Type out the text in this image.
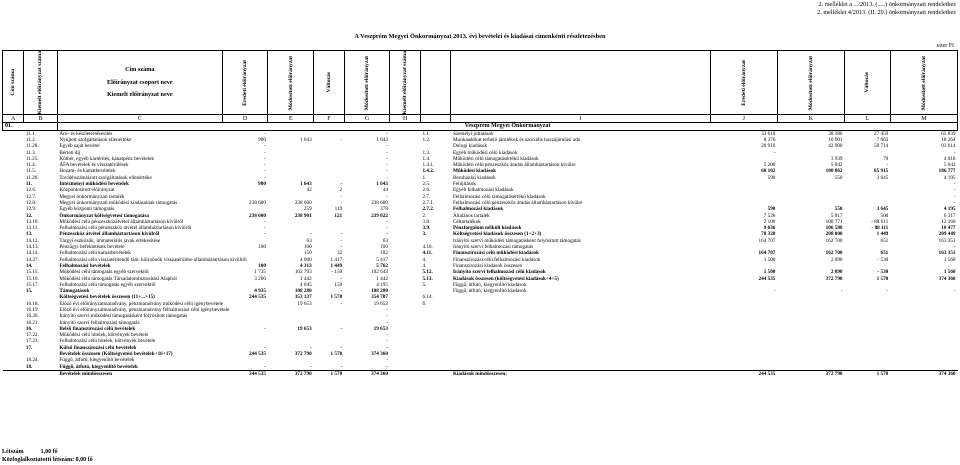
2. melléklet a .../2013. (.....) önkormányzati rendelethez
2. melléklet 4/2013. (II. 20.) önkormányzati rendelethez
A Veszprém Megyei Önkormányzat 2013. évi bevételei és kiadásai címenkénti részletezésben
ezer Ft
Cím száma	Kiemelt előirányzat száma	Cím száma
Előirányzat csoport neve
Kiemelt előirányzat neve	Eredeti előirányzat	Módosított előirányzat	Változás	Módosított előirányzat	Kiemelt előirányzat száma			Eredeti előirányzat	Módosított előirányzat	Változás	Módosított előirányzat

A	B	C	D	E	F	G	H		I	J	K	L	M
01.		Veszprém Megyei Önkormányzat											
	11.1.	Áru- és készletértékesítés	-			-		1.1.	Személyi juttatások	33 610	38 380	27 459	65 839
	11.2.	Nyújtott szolgáltatások ellenértéke	900	1 643	-	1 643		1.2.	Munkaadókat terhelő járulékok és szociális hozzájárulási adó	8 376	10 601	7 663	18 264
	11.28.	Egyéb saját bevétel	-			-			Dologi kiadások	20 916	42 900	50 714	93 614
	11.3.	Bérleti díj	-			-		1.3.	Egyéb működési célú kiadások	-			-
	11.25.	Kötbér, egyéb kártérítés, bánatpénz bevételek	-			-		1.4.	Működési célú támogatásértékű kiadások		3 939	79	4 018
	11.4.	ÁFA bevételek és visszatérülések	-			-		1.4.1.	Működési célú pénzeszköz átadás államháztartáson kívülre	5 200	5 042	-	5 042
	11.5.	Hozam- és kamatbevételek	-			-		1.4.2.	Működési kiadások	68 102	100 862	85 915	186 777
	11.26.	Továbbszámlázott szolgáltatások ellenértéke	-			-		1.	Beruházási kiadások	590	550	3 645	4 195
	11.	Intézményi működési bevételek	900	1 643	-	1 643		2.5.	Felújítások				-
	12.6.	Központosított előirányzat		42	2	44		2.6.	Egyéb felhalmozási kiadások				-
	12.7.	Megyei önkormányzati tartalék			-	-		2.7.	Felhalmozási célú támogatásértékű kiadások				-
	12.8.	Megyei önkormányzati működési kiadásainak támogatás	238 600	238 600	-	238 600		2.7.1.	Felhalmozási célú pénzeszköz átadás államháztartáson kívülre				-
	12.9.	Egyéb központi támogatás		259	119	378		2.7.2.	Felhalmozási kiadások	590	550	3 645	4 195
	12.	Önkormányzat költségvetési támogatása	238 600	238 901	121	239 022		2.	Általános tartalék	7 536	5 817	500	6 317
	13.10.	Működési célú pénzeszközátvétel államháztartáson kívülről	-			-		3.8.	Céltartalékok	2 100	100 771	- 88 611	12 160
	13.11.	Felhalmozási célú pénzeszköz átvétel államháztartáson kívülről	-			-		3.9.	Pénzforgalom nélküli kiadások	9 636	106 588	- 88 111	18 477
	13.	Pénzeszköz átvétel államháztartáson kívülről	-	-	-	-		3.	Költségvetési kiadások összesen (1+2+3)	78 328	208 000	1 449	209 449
	14.12.	Tárgyi eszközök, immateriális javak értékesítése		63	-	63			Irányító szervi működési támogatásként folyósított támogatás	164 707	162 700	651	163 351
	14.13.	Pénzügyi befektetések bevétele	100	100	-	100		4.10.	Irányító szervi felhalmozási támogatás				-
	14.14.	Felhalmozási célú kamatbevételek		150	32	182		4.11.	Finanszírozási célú működési kiadások	164 707	162 700	651	163 351
	14.27.	Felhalmozási célú visszatérítendő tám. kölcsönök visszatérülése államháztartáson kívülről		4 000	1 417	5 417		4.	Finanszírozási célú felhalmozási kiadások	1 500	2 090	- 530	1 560
	14.	Felhalmozási bevételek	100	4 313	1 449	5 762		4.	Finanszírozási kiadások összesen				
	15.15.	Működési célú támogatás egyéb szervektől	1 735	102 793	- 150	102 643		5.12.	Irányító szervi felhalmozási célú kiadások	1 500	2 090	- 530	1 560
	15.16.	Működési célú támogatás Társadalombiztosítási Alapból	3 200	1 442	-	1 442		5.13.	Kiadások összesen (költségvetési kiadások+4+5)	244 535	372 790	1 570	374 360
	15.17.	Felhalmozási célú támogatás egyéb szervektől		4 045	150	4 195		5.	Függő, átfutó, kiegyenlítő kiadások				
	15.	Támogatások	4 935	108 280	-	108 280			Függő, átfutó, kiegyenlítő kiadások	-	-	-	-
		Költségvetési bevételek összesen (11+...+15)	244 535	353 137	1 570	354 707		6.14.					
	16.18.	Előző évi előirányzatmaradvány, pénzmaradvány működési célú igénybevétele		19 653	-	19 653		6.					
	16.19.	Előző évi előirányzatmaradvány, pénzmaradvány felhalmozási célú igénybevétele				-							
	16.20.	Irányító szervi működési támogatásként folyósított támogatás				-							
	16.21.	Irányító szervi felhalmozási támogatás				-							
	16.	Belső finanszírozási célú bevételek	-	19 653	-	19 653							
	17.22.	Működési célú hitelek, kötvények bevétele				-							
	17.23.	Felhalmozási célú hitelek, kötvények bevétele				-							
	17.	Külső finanszírozási célú bevételek	-	-	-	-							
		Bevételek összesen (Költségvetési bevételek+16+17)	244 535	372 790	1 570	374 360							
	18.24.	Függő, átfutó, kiegyenlítő bevételek				-							
	18.	Függő, átfutó, kiegyenlítő bevételek	-	-	-	-							
		Bevételek mindösszesen	244 535	372 790	1 570	374 360			Kiadások mindösszesen:	244 535	372 790	1 570	374 360
Létszám	1,00 fő
Közfoglalkoztatotti létszám: 0,00 fő
